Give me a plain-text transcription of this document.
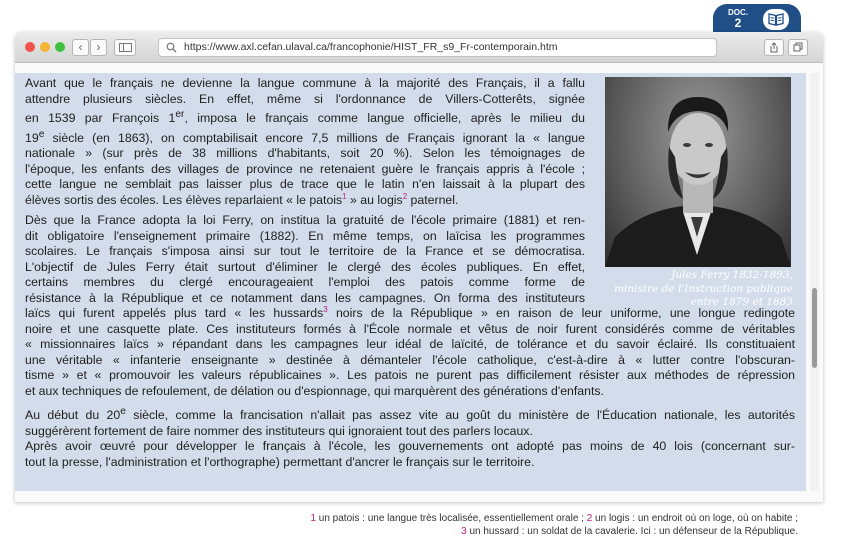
DOC.
2
‹	›	https://www.axl.cefan.ulaval.ca/francophonie/HIST_FR_s9_Fr-contemporain.htm
Jules Ferry 1832-1893,
ministre de l'Instruction publique
entre 1879 et 1883

Avant que le français ne devienne la langue commune à la majorité des Français, il a fallu
attendre plusieurs siècles. En effet, même si l'ordonnance de Villers-Cotterêts, signée
en 1539 par François 1er, imposa le français comme langue officielle, après le milieu du
19e siècle (en 1863), on comptabilisait encore 7,5 millions de Français ignorant la « langue
nationale » (sur près de 38 millions d'habitants, soit 20 %). Selon les témoignages de
l'époque, les enfants des villages de province ne retenaient guère le français appris à l'école ;
cette langue ne semblait pas laisser plus de trace que le latin n'en laissait à la plupart des
élèves sortis des écoles. Les élèves reparlaient « le patois$^1$ » au logis$^2$ paternel.

Dès que la France adopta la loi Ferry, on institua la gratuité de l'école primaire (1881) et ren-
dit obligatoire l'enseignement primaire (1882). En même temps, on laïcisa les programmes
scolaires. Le français s'imposa ainsi sur tout le territoire de la France et se démocratisa.
L'objectif de Jules Ferry était surtout d'éliminer le clergé des écoles publiques. En effet,
certains membres du clergé encourageaient l'emploi des patois comme forme de
résistance à la République et ce notamment dans les campagnes. On forma des instituteurs
laïcs qui furent appelés plus tard « les hussards$^3$ noirs de la République » en raison de leur uniforme, une longue redingote
noire et une casquette plate. Ces instituteurs formés à l'École normale et vêtus de noir furent considérés comme de véritables
« missionnaires laïcs » répandant dans les campagnes leur idéal de laïcité, de tolérance et du savoir éclairé. Ils constituaient
une véritable « infanterie enseignante » destinée à démanteler l'école catholique, c'est-à-dire à « lutter contre l'obscuran-
tisme » et « promouvoir les valeurs républicaines ». Les patois ne purent pas difficilement résister aux méthodes de répression
et aux techniques de refoulement, de délation ou d'espionnage, qui marquèrent des générations d'enfants.

Au début du 20e siècle, comme la francisation n'allait pas assez vite au goût du ministère de l'Éducation nationale, les autorités
suggérèrent fortement de faire nommer des instituteurs qui ignoraient tout des parlers locaux.

Après avoir œuvré pour développer le français à l'école, les gouvernements ont adopté pas moins de 40 lois (concernant sur-
tout la presse, l'administration et l'orthographe) permettant d'ancrer le français sur le territoire.

1 un patois : une langue très localisée, essentiellement orale ; 2 un logis : un endroit où on loge, où on habite ;
3 un hussard : un soldat de la cavalerie. Ici : un défenseur de la République.
